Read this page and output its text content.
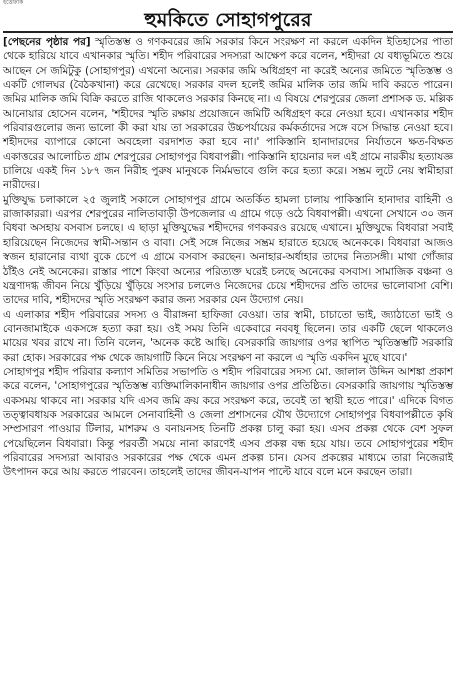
ইত্তেফাক
হুমকিতে সোহাগপুরের

[পেছনের পৃষ্ঠার পর] স্মৃতিস্তম্ভ ও গণকবরের জমি সরকার কিনে সংরক্ষণ না করলে একদিন ইতিহাসের পাতা থেকে হারিয়ে যাবে এখানকার স্মৃতি। শহীদ পরিবারের সদস্যরা আক্ষেপ করে বলেন, শহীদরা যে বধ্যভূমিতে শুয়ে আছেন সে জমিটুকু (সোহাগপুর) এখনো অন্যের। সরকার জমি অধিগ্রহণ না করেই অন্যের জমিতে স্মৃতিস্তম্ভ ও একটি গোলঘর (বৈঠকখানা) করে রেখেছে। সরকার বদল হলেই জমির মালিক তার জমি দাবি করতে পারেন। জমির মালিক জমি বিক্রি করতে রাজি থাকলেও সরকার কিনছে না। এ বিষয়ে শেরপুরের জেলা প্রশাসক ড. মল্লিক আনোয়ার হোসেন বলেন, 'শহীদের স্মৃতি রক্ষায় প্রয়োজনে জমিটি অধিগ্রহণ করে নেওয়া হবে। এখানকার শহীদ পরিবারগুলোর জন্য ভালো কী করা যায় তা সরকারের উচ্চপর্যায়ের কর্মকর্তাদের সঙ্গে বসে সিদ্ধান্ত নেওয়া হবে। শহীদদের ব্যাপারে কোনো অবহেলা বরদাশত করা হবে না।' পাকিস্তানি হানাদারদের নির্যাতনে ক্ষত-বিক্ষত একাত্তরের আলোচিত গ্রাম শেরপুরের সোহাগপুর বিধবাপল্লী। পাকিস্তানি হায়েনার দল এই গ্রামে নারকীয় হত্যাযজ্ঞ চালিয়ে একই দিন ১৮৭ জন নিরীহ পুরুষ মানুষকে নির্মমভাবে গুলি করে হত্যা করে। সম্ভ্রম লুটে নেয় স্বামীহারা নারীদের।

মুক্তিযুদ্ধ চলাকালে ২৫ জুলাই সকালে সোহাগপুর গ্রামে অতর্কিত হামলা চালায় পাকিস্তানি হানাদার বাহিনী ও রাজাকাররা। এরপর শেরপুরের নালিতাবাড়ী উপজেলার এ গ্রামে গড়ে ওঠে বিধবাপল্লী। এখনো সেখানে ৩০ জন বিধবা অসহায় বসবাস চলছে। এ ছাড়া মুক্তিযুদ্ধের শহীদদের গণকবরও রয়েছে এখানে। মুক্তিযুদ্ধে বিধবারা সবাই হারিয়েছেন নিজেদের স্বামী-সন্তান ও বাবা। সেই সঙ্গে নিজের সম্ভ্রম হারাতে হয়েছে অনেককে। বিধবারা আজও স্বজন হারানোর ব্যথা বুকে চেপে এ গ্রামে বসবাস করছেন। অনাহার-অর্ধাহার তাদের নিত্যসঙ্গী। মাথা গোঁজার ঠাঁইও নেই অনেকের। রাস্তার পাশে কিংবা অন্যের পরিত্যক্ত ঘরেই চলছে অনেকের বসবাস। সামাজিক বঞ্চনা ও যন্ত্রণাদগ্ধ জীবন নিয়ে খুঁড়িয়ে খুঁড়িয়ে সংসার চললেও নিজেদের চেয়ে শহীদদের প্রতি তাদের ভালোবাসা বেশি। তাদের দাবি, শহীদদের স্মৃতি সংরক্ষণ করার জন্য সরকার যেন উদ্যোগ নেয়।

এ এলাকার শহীদ পরিবারের সদস্য ও বীরাঙ্গনা হাফিজা বেওয়া। তার স্বামী, চাচাতো ভাই, জ্যাঠাতো ভাই ও বোনজামাইকে একসঙ্গে হত্যা করা হয়। ওই সময় তিনি একেবারে নববধূ ছিলেন। তার একটি ছেলে থাকলেও মায়ের খবর রাখে না। তিনি বলেন, 'অনেক কষ্টে আছি। বেসরকারি জায়গার ওপর স্থাপিত স্মৃতিস্তম্ভটি সরকারি করা হোক। সরকারের পক্ষ থেকে জায়গাটি কিনে নিয়ে সংরক্ষণ না করলে এ স্মৃতি একদিন মুছে যাবে।'

সোহাগপুর শহীদ পরিবার কল্যাণ সমিতির সভাপতি ও শহীদ পরিবারের সদস্য মো. জালাল উদ্দিন আশঙ্কা প্রকাশ করে বলেন, 'সোহাগপুরের স্মৃতিস্তম্ভ ব্যক্তিমালিকানাধীন জায়গার ওপর প্রতিষ্ঠিত। বেসরকারি জায়গায় স্মৃতিস্তম্ভ একসময় থাকবে না। সরকার যদি এসব জমি ক্রয় করে সংরক্ষণ করে, তবেই তা স্থায়ী হতে পারে।' এদিকে বিগত তত্ত্বাবধায়ক সরকারের আমলে সেনাবাহিনী ও জেলা প্রশাসনের যৌথ উদ্যোগে সোহাগপুর বিধবাপল্লীতে কৃষি সম্প্রসারণ পাওয়ার টিলার, মাশরুম ও বনায়নসহ তিনটি প্রকল্প চালু করা হয়। এসব প্রকল্প থেকে বেশ সুফল পেয়েছিলেন বিধবারা। কিন্তু পরবর্তী সময়ে নানা কারণেই এসব প্রকল্প বন্ধ হয়ে যায়। তবে সোহাগপুরের শহীদ পরিবারের সদস্যরা আবারও সরকারের পক্ষ থেকে এমন প্রকল্প চান। যেসব প্রকল্পের মাধ্যমে তারা নিজেরাই উৎপাদন করে আয় করতে পারবেন। তাহলেই তাদের জীবন-যাপন পাল্টে যাবে বলে মনে করছেন তারা।
